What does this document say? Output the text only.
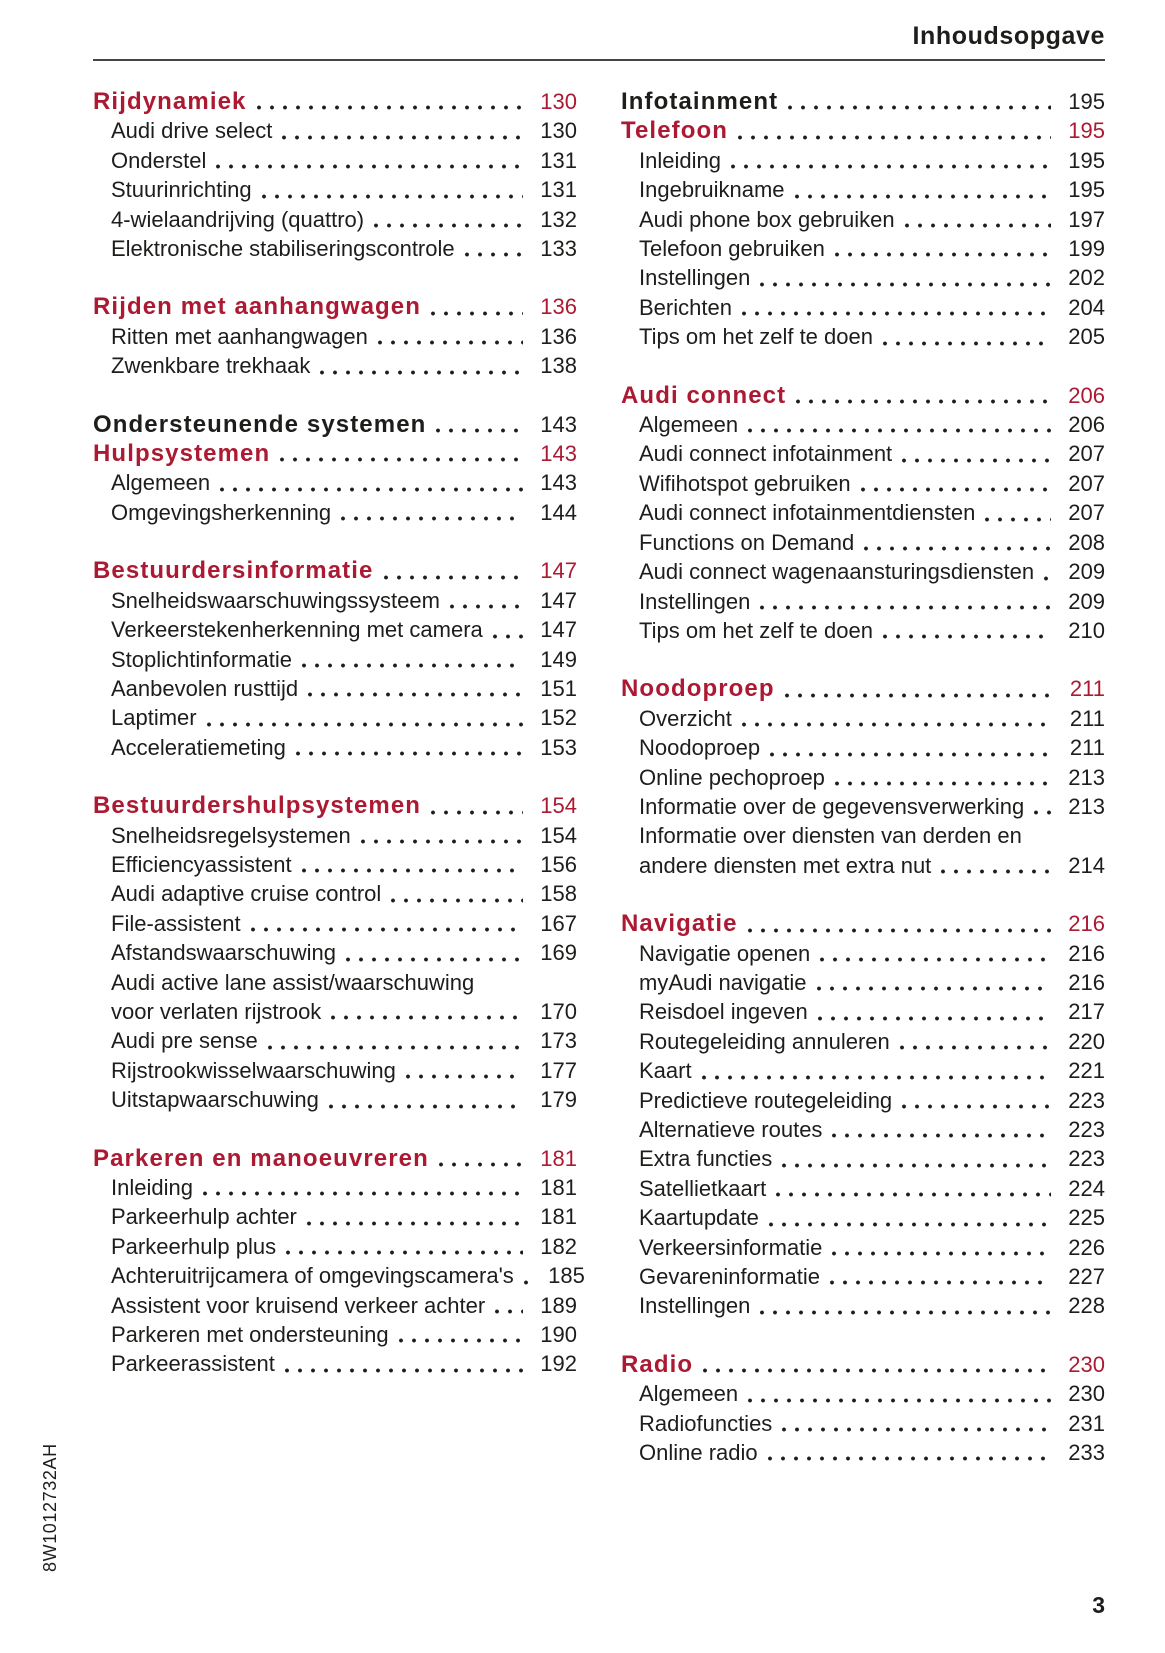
Inhoudsopgave
Rijdynamiek	130
Audi drive select	130
Onderstel	131
Stuurinrichting	131
4-wielaandrijving (quattro)	132
Elektronische stabiliseringscontrole	133
Rijden met aanhangwagen	136
Ritten met aanhangwagen	136
Zwenkbare trekhaak	138
Ondersteunende systemen	143
Hulpsystemen	143
Algemeen	143
Omgevingsherkenning	144
Bestuurdersinformatie	147
Snelheidswaarschuwingssysteem	147
Verkeerstekenherkenning met camera	147
Stoplichtinformatie	149
Aanbevolen rusttijd	151
Laptimer	152
Acceleratiemeting	153
Bestuurdershulpsystemen	154
Snelheidsregelsystemen	154
Efficiencyassistent	156
Audi adaptive cruise control	158
File-assistent	167
Afstandswaarschuwing	169
Audi active lane assist/waarschuwing
voor verlaten rijstrook	170
Audi pre sense	173
Rijstrookwisselwaarschuwing	177
Uitstapwaarschuwing	179
Parkeren en manoeuvreren	181
Inleiding	181
Parkeerhulp achter	181
Parkeerhulp plus	182
Achteruitrijcamera of omgevingscamera's	185
Assistent voor kruisend verkeer achter	189
Parkeren met ondersteuning	190
Parkeerassistent	192
Infotainment	195
Telefoon	195
Inleiding	195
Ingebruikname	195
Audi phone box gebruiken	197
Telefoon gebruiken	199
Instellingen	202
Berichten	204
Tips om het zelf te doen	205
Audi connect	206
Algemeen	206
Audi connect infotainment	207
Wifihotspot gebruiken	207
Audi connect infotainmentdiensten	207
Functions on Demand	208
Audi connect wagenaansturingsdiensten	209
Instellingen	209
Tips om het zelf te doen	210
Noodoproep	211
Overzicht	211
Noodoproep	211
Online pechoproep	213
Informatie over de gegevensverwerking	213
Informatie over diensten van derden en
andere diensten met extra nut	214
Navigatie	216
Navigatie openen	216
myAudi navigatie	216
Reisdoel ingeven	217
Routegeleiding annuleren	220
Kaart	221
Predictieve routegeleiding	223
Alternatieve routes	223
Extra functies	223
Satellietkaart	224
Kaartupdate	225
Verkeersinformatie	226
Gevareninformatie	227
Instellingen	228
Radio	230
Algemeen	230
Radiofuncties	231
Online radio	233
8W1012732AH
3
